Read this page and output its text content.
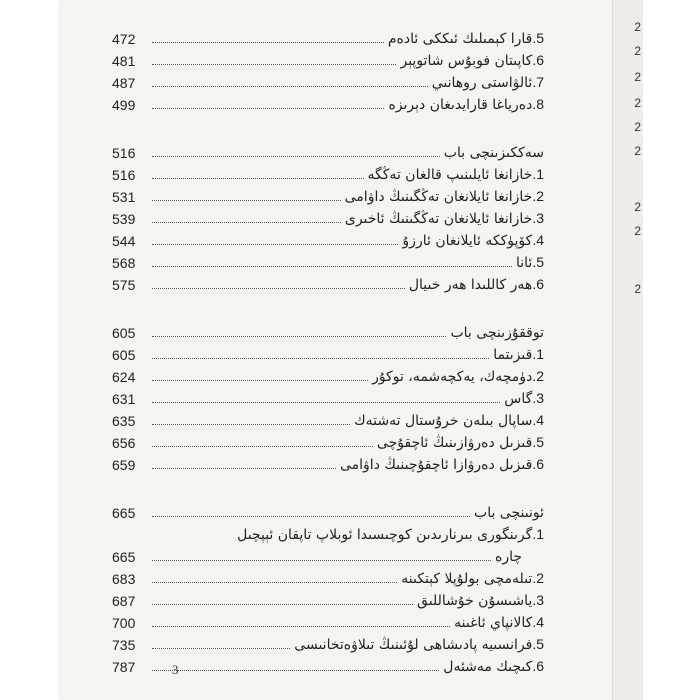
2
2
2
2
2
2
2
2
2
472	5.قارا كېمىلىك ئىككى ئادەم
481	6.كاپىتان فوبۇس شاتوپېر
487	7.ئالۋاستى روھانىي
499	8.دەرياغا قارايدىغان دېرىزە
516	سەككىزىنچى باب
516	1.خازانغا ئايلىنىپ قالغان تەڭگە
531	2.خازانغا ئايلانغان تەڭگىنىڭ داۋامى
539	3.خازانغا ئايلانغان تەڭگىنىڭ ئاخىرى
544	4.كۆپۈككە ئايلانغان ئارزۇ
568	5.ئانا
575	6.ھەر كاللىدا ھەر خىيال
605	توققۇزىنچى باب
605	1.قىزىتما
624	2.دۈمچەك، يەكچەشمە، توكۇر
631	3.گاس
635	4.ساپال بىلەن خرۇستال تەشتەك
656	5.قىزىل دەرۋازىنىڭ ئاچقۇچى
659	6.قىزىل دەرۋازا ئاچقۇچىنىڭ داۋامى
665	ئونىنچى باب
1.گرىنگورى بىرنارىدىن كوچىسىدا ئوبلاپ تاپقان ئېپچىل
665	چارە
683	2.تىلەمچى بولۇپلا كېتكىنە
687	3.ياشىسۇن خۇشاللىق
700	4.كالانپاي ئاغىنە
735	5.فرانسىيە پادىشاھى لۇئىنىڭ تىلاۋەتخانىسى
787	6.كىچىك مەشئەل
3
